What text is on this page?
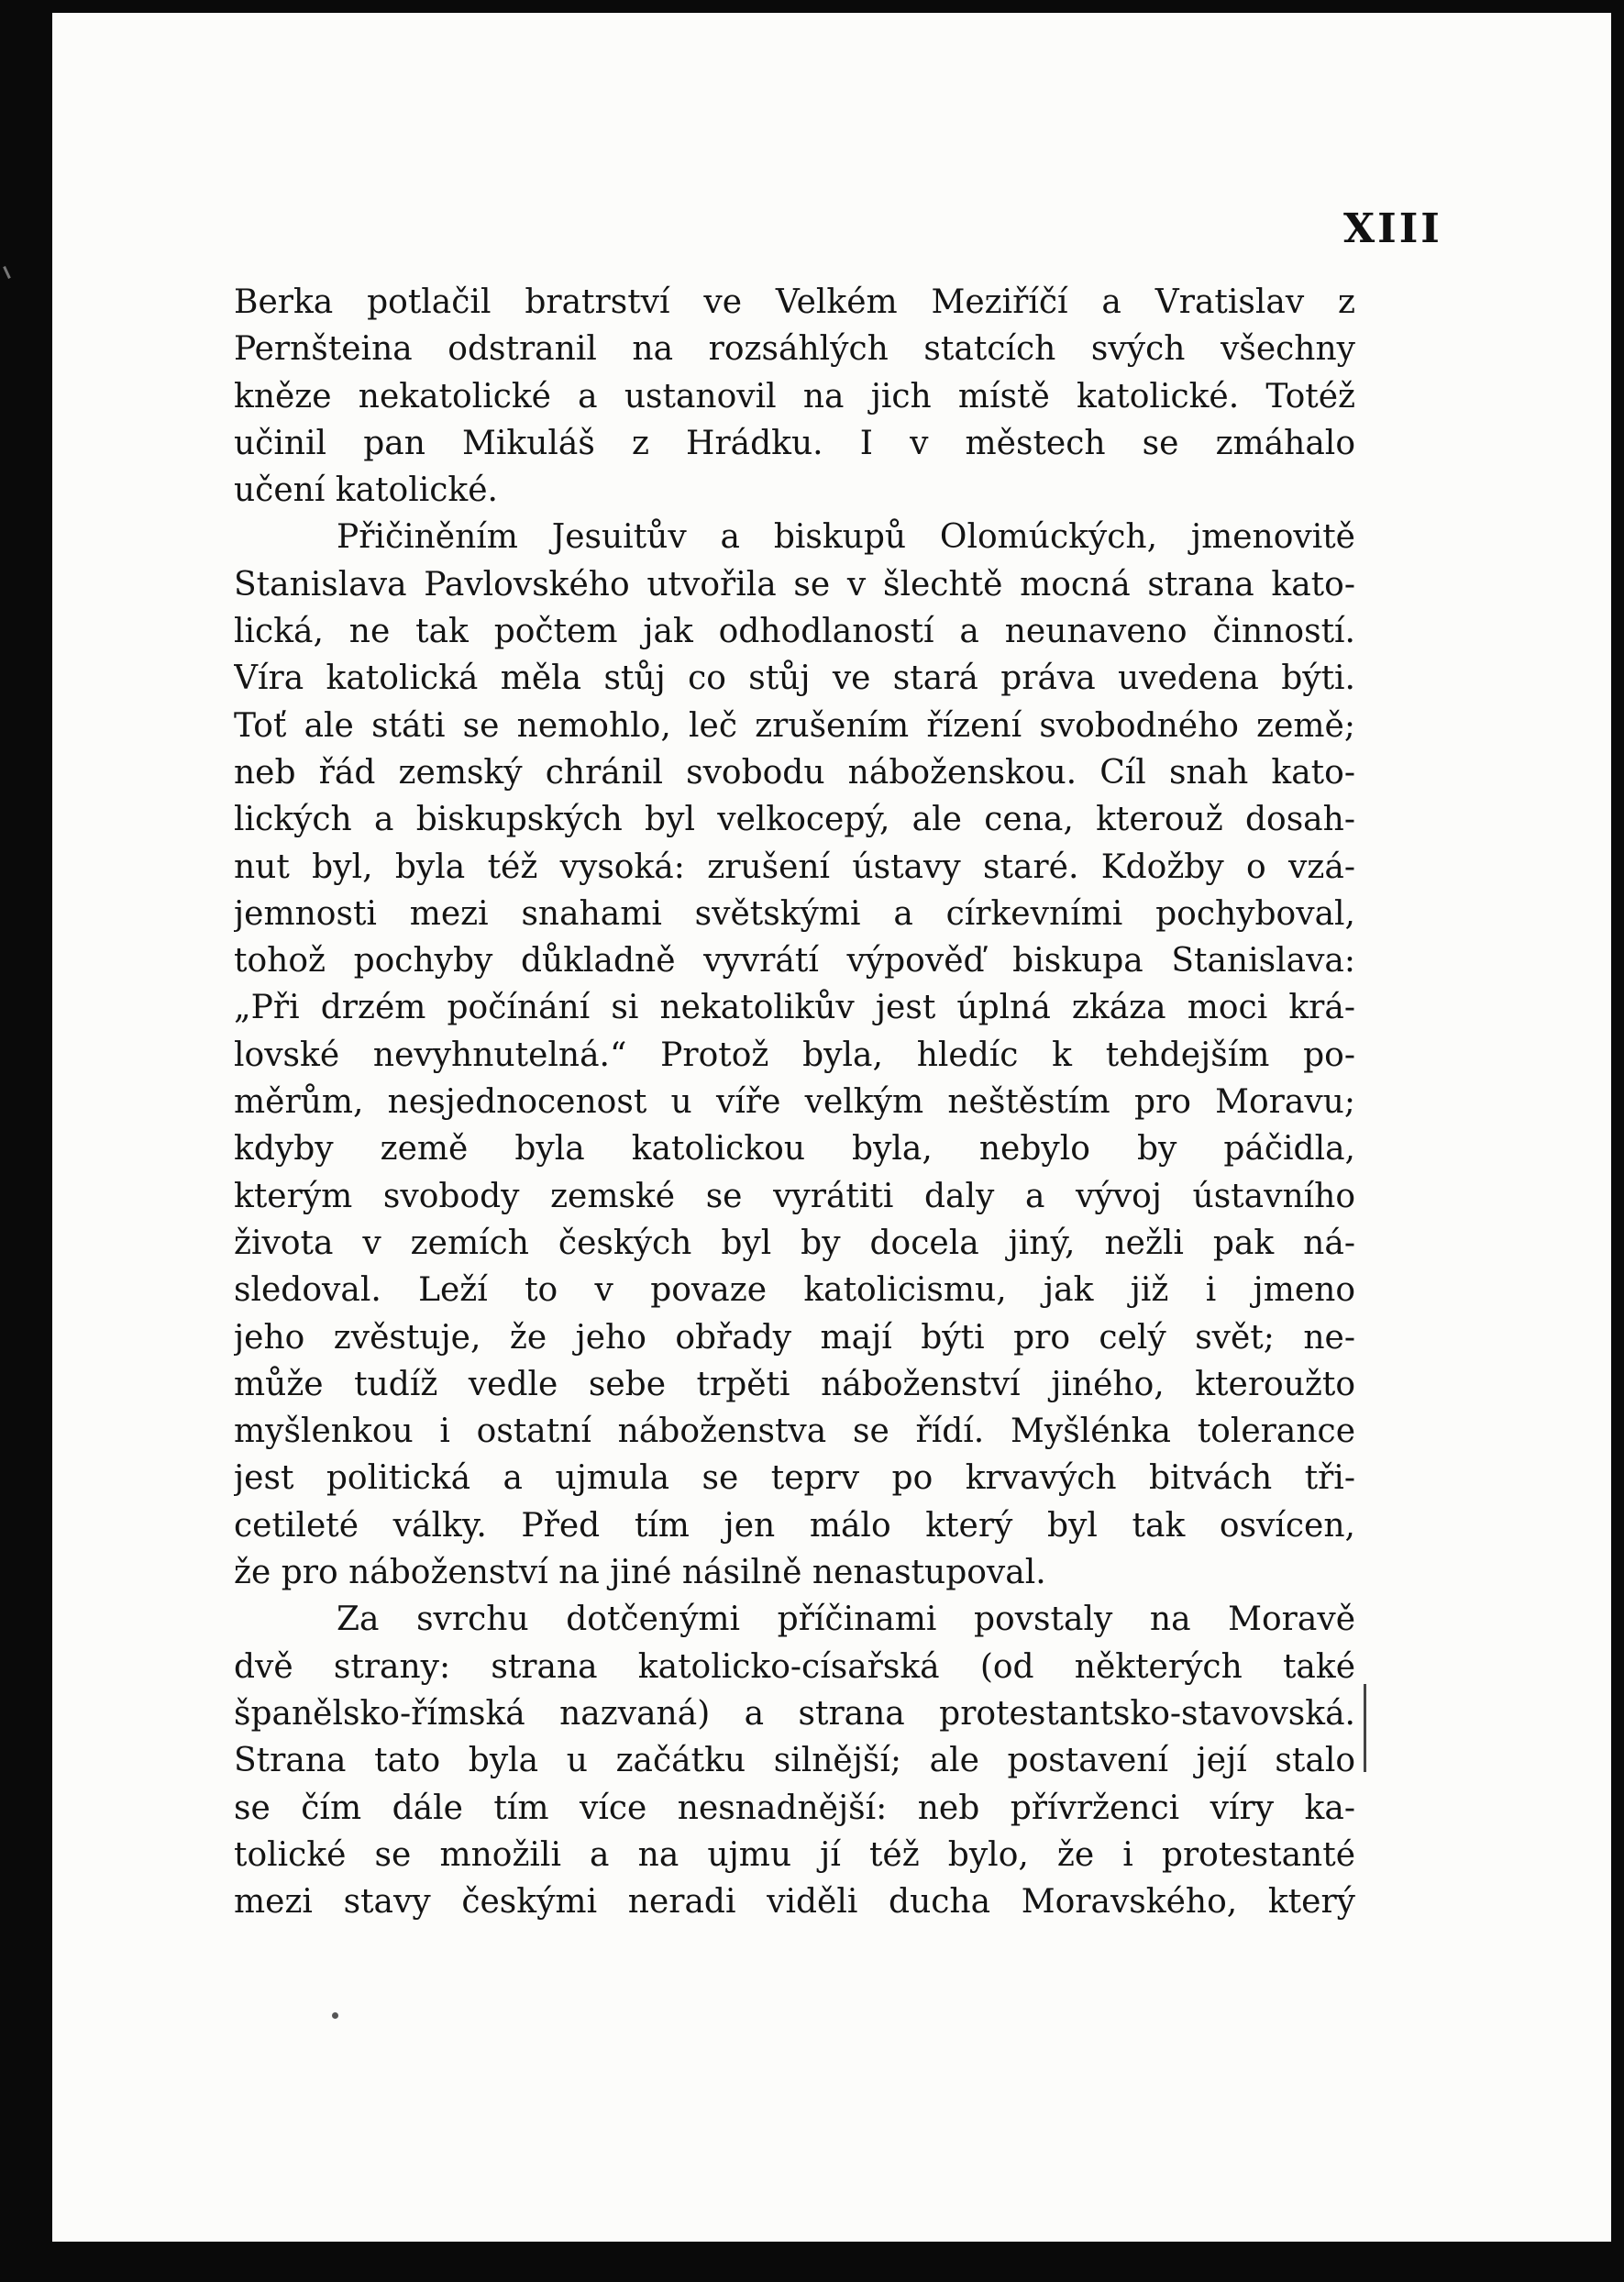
XIII
Berka potlačil bratrství ve Velkém Meziříčí a Vratislav z
Pernšteina odstranil na rozsáhlých statcích svých všechny
kněze nekatolické a ustanovil na jich místě katolické. Totéž
učinil pan Mikuláš z Hrádku. I v městech se zmáhalo
učení katolické.
Přičiněním Jesuitův a biskupů Olomúckých, jmenovitě
Stanislava Pavlovského utvořila se v šlechtě mocná strana kato-
lická, ne tak počtem jak odhodlaností a neunaveno činností.
Víra katolická měla stůj co stůj ve stará práva uvedena býti.
Toť ale státi se nemohlo, leč zrušením řízení svobodného země;
neb řád zemský chránil svobodu náboženskou. Cíl snah kato-
lických a biskupských byl velkocepý, ale cena, kterouž dosah-
nut byl, byla též vysoká: zrušení ústavy staré. Kdožby o vzá-
jemnosti mezi snahami světskými a církevními pochyboval,
tohož pochyby důkladně vyvrátí výpověď biskupa Stanislava:
„Při drzém počínání si nekatolikův jest úplná zkáza moci krá-
lovské nevyhnutelná.“ Protož byla, hledíc k tehdejším po-
měrům, nesjednocenost u víře velkým neštěstím pro Moravu;
kdyby země byla katolickou byla, nebylo by páčidla,
kterým svobody zemské se vyrátiti daly a vývoj ústavního
života v zemích českých byl by docela jiný, nežli pak ná-
sledoval. Leží to v povaze katolicismu, jak již i jmeno
jeho zvěstuje, že jeho obřady mají býti pro celý svět; ne-
může tudíž vedle sebe trpěti náboženství jiného, kteroužto
myšlenkou i ostatní náboženstva se řídí. Myšlénka tolerance
jest politická a ujmula se teprv po krvavých bitvách tři-
cetileté války. Před tím jen málo který byl tak osvícen,
že pro náboženství na jiné násilně nenastupoval.
Za svrchu dotčenými příčinami povstaly na Moravě
dvě strany: strana katolicko-císařská (od některých také
španělsko-římská nazvaná) a strana protestantsko-stavovská.
Strana tato byla u začátku silnější; ale postavení její stalo
se čím dále tím více nesnadnější: neb přívrženci víry ka-
tolické se množili a na ujmu jí též bylo, že i protestanté
mezi stavy českými neradi viděli ducha Moravského, který
